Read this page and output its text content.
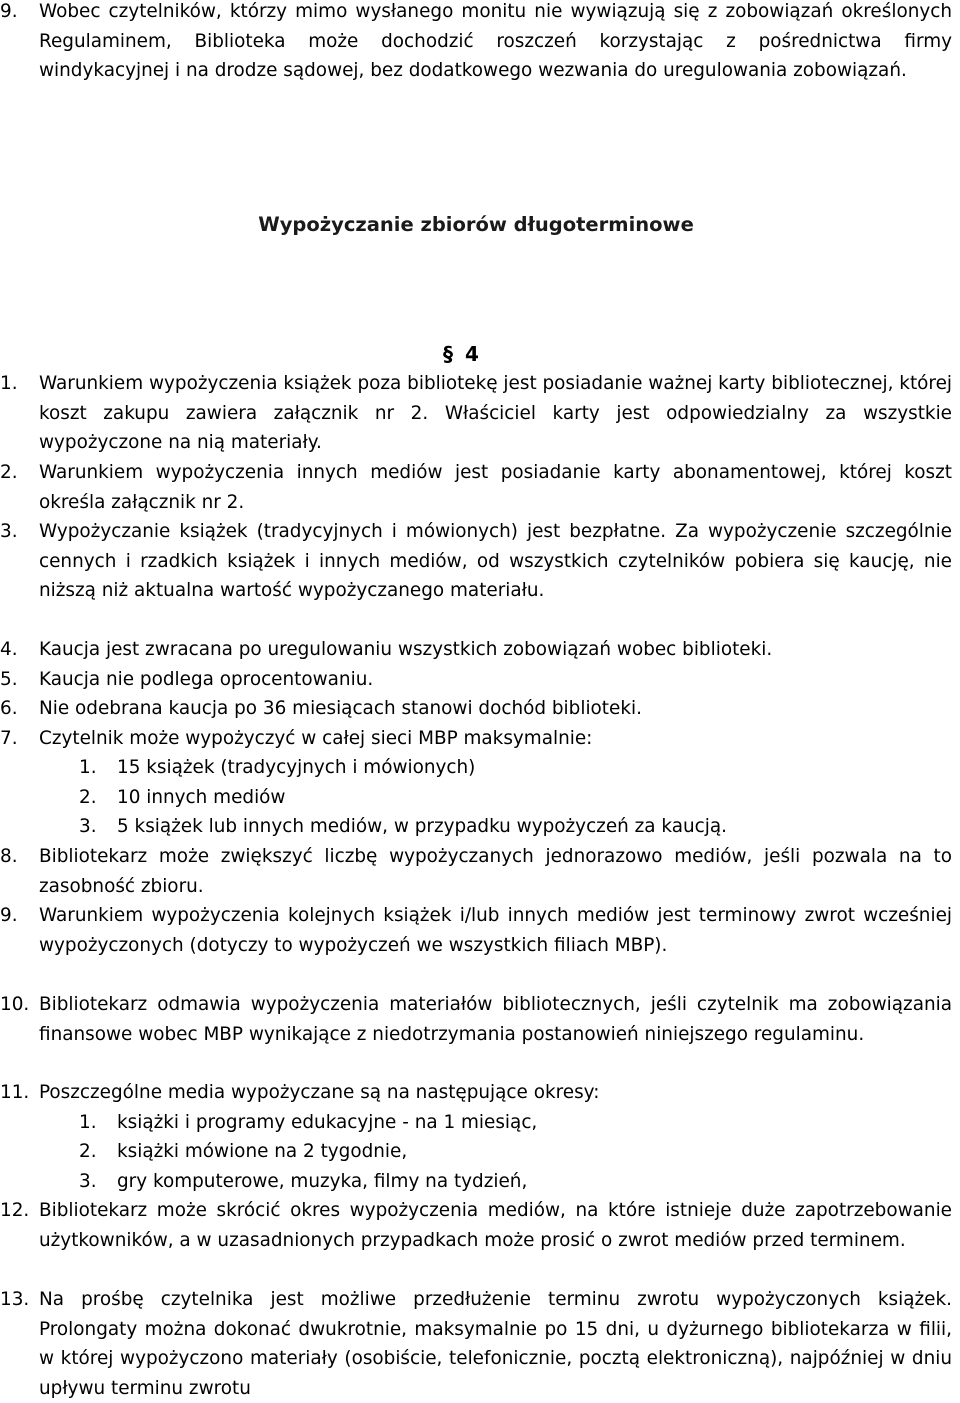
9.	Wobec czytelników, którzy mimo wysłanego monitu nie wywiązują się z zobowiązań określonych Regulaminem, Biblioteka może dochodzić roszczeń korzystając z pośrednictwa firmy windykacyjnej i na drodze sądowej, bez dodatkowego wezwania do uregulowania zobowiązań.
Wypożyczanie zbiorów długoterminowe
§ 4
1.	Warunkiem wypożyczenia książek poza bibliotekę jest posiadanie ważnej karty bibliotecznej, której koszt zakupu zawiera załącznik nr 2. Właściciel karty jest odpowiedzialny za wszystkie wypożyczone na nią materiały.
2.	Warunkiem wypożyczenia innych mediów jest posiadanie karty abonamentowej, której koszt określa załącznik nr 2.
3.	Wypożyczanie książek (tradycyjnych i mówionych) jest bezpłatne. Za wypożyczenie szczególnie cennych i rzadkich książek i innych mediów, od wszystkich czytelników pobiera się kaucję, nie niższą niż aktualna wartość wypożyczanego materiału.
4.	Kaucja jest zwracana po uregulowaniu wszystkich zobowiązań wobec biblioteki.
5.	Kaucja nie podlega oprocentowaniu.
6.	Nie odebrana kaucja po 36 miesiącach stanowi dochód biblioteki.
7.	Czytelnik może wypożyczyć w całej sieci MBP maksymalnie:
1. 15 książek (tradycyjnych i mówionych)
2. 10 innych mediów
3. 5 książek lub innych mediów, w przypadku wypożyczeń za kaucją.
8.	Bibliotekarz może zwiększyć liczbę wypożyczanych jednorazowo mediów, jeśli pozwala na to zasobność zbioru.
9.	Warunkiem wypożyczenia kolejnych książek i/lub innych mediów jest terminowy zwrot wcześniej wypożyczonych (dotyczy to wypożyczeń we wszystkich filiach MBP).
10. Bibliotekarz odmawia wypożyczenia materiałów bibliotecznych, jeśli czytelnik ma zobowiązania finansowe wobec MBP wynikające z niedotrzymania postanowień niniejszego regulaminu.
11. Poszczególne media wypożyczane są na następujące okresy:
1. książki i programy edukacyjne - na 1 miesiąc,
2. książki mówione na 2 tygodnie,
3. gry komputerowe, muzyka, filmy na tydzień,
12. Bibliotekarz może skrócić okres wypożyczenia mediów, na które istnieje duże zapotrzebowanie użytkowników, a w uzasadnionych przypadkach może prosić o zwrot mediów przed terminem.
13. Na prośbę czytelnika jest możliwe przedłużenie terminu zwrotu wypożyczonych książek. Prolongaty można dokonać dwukrotnie, maksymalnie po 15 dni, u dyżurnego bibliotekarza w filii, w której wypożyczono materiały (osobiście, telefonicznie, pocztą elektroniczną), najpóźniej w dniu upływu terminu zwrotu
